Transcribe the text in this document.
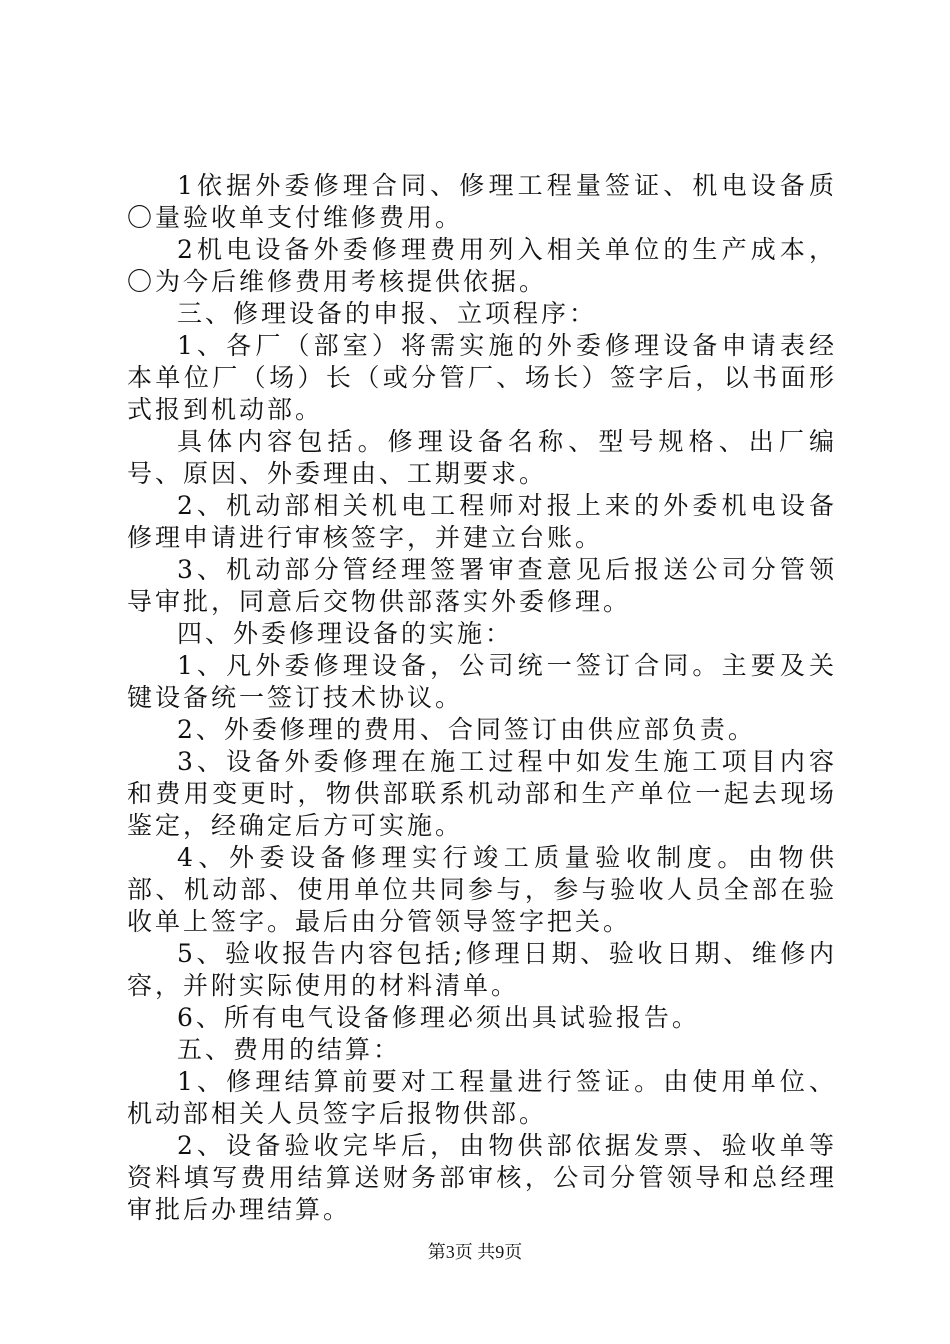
1依据外委修理合同、修理工程量签证、机电设备质〇量验收单支付维修费用。

2机电设备外委修理费用列入相关单位的生产成本，〇为今后维修费用考核提供依据。

三、修理设备的申报、立项程序：

1、各厂（部室）将需实施的外委修理设备申请表经本单位厂（场）长（或分管厂、场长）签字后，以书面形式报到机动部。

具体内容包括。修理设备名称、型号规格、出厂编号、原因、外委理由、工期要求。

2、机动部相关机电工程师对报上来的外委机电设备修理申请进行审核签字，并建立台账。

3、机动部分管经理签署审查意见后报送公司分管领导审批，同意后交物供部落实外委修理。

四、外委修理设备的实施：

1、凡外委修理设备，公司统一签订合同。主要及关键设备统一签订技术协议。

2、外委修理的费用、合同签订由供应部负责。

3、设备外委修理在施工过程中如发生施工项目内容和费用变更时，物供部联系机动部和生产单位一起去现场鉴定，经确定后方可实施。

4、外委设备修理实行竣工质量验收制度。由物供部、机动部、使用单位共同参与，参与验收人员全部在验收单上签字。最后由分管领导签字把关。

5、验收报告内容包括;修理日期、验收日期、维修内容，并附实际使用的材料清单。

6、所有电气设备修理必须出具试验报告。

五、费用的结算：

1、修理结算前要对工程量进行签证。由使用单位、机动部相关人员签字后报物供部。

2、设备验收完毕后，由物供部依据发票、验收单等资料填写费用结算送财务部审核，公司分管领导和总经理审批后办理结算。

第3页 共9页
